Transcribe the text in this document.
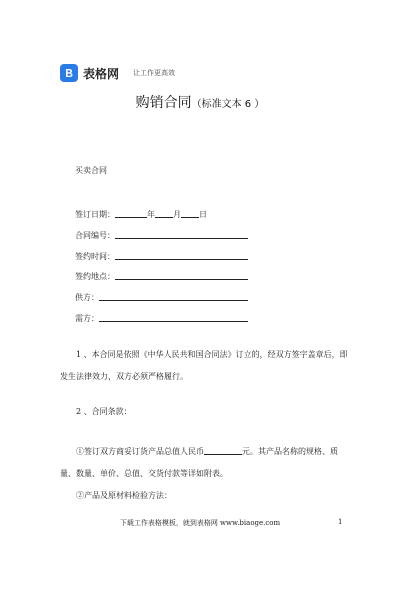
表格网 让工作更高效
购销合同（标准文本 6 ）
买卖合同
签订日期：	年 月 日
合同编号：
签约时间：
签约地点：
供方：
需方：
1 、本合同是依照《中华人民共和国合同法》订立的，经双方签字盖章后，即发生法律效力，双方必须严格履行。
2 、合同条款：
①签订双方商妥订货产品总值人民币	元。其产品名称的规格、质量、数量、单价、总值、交货付款等详如附表。
②产品及原材料检验方法：
下载工作表格模板，就到表格网 www.biaoge.com	1
